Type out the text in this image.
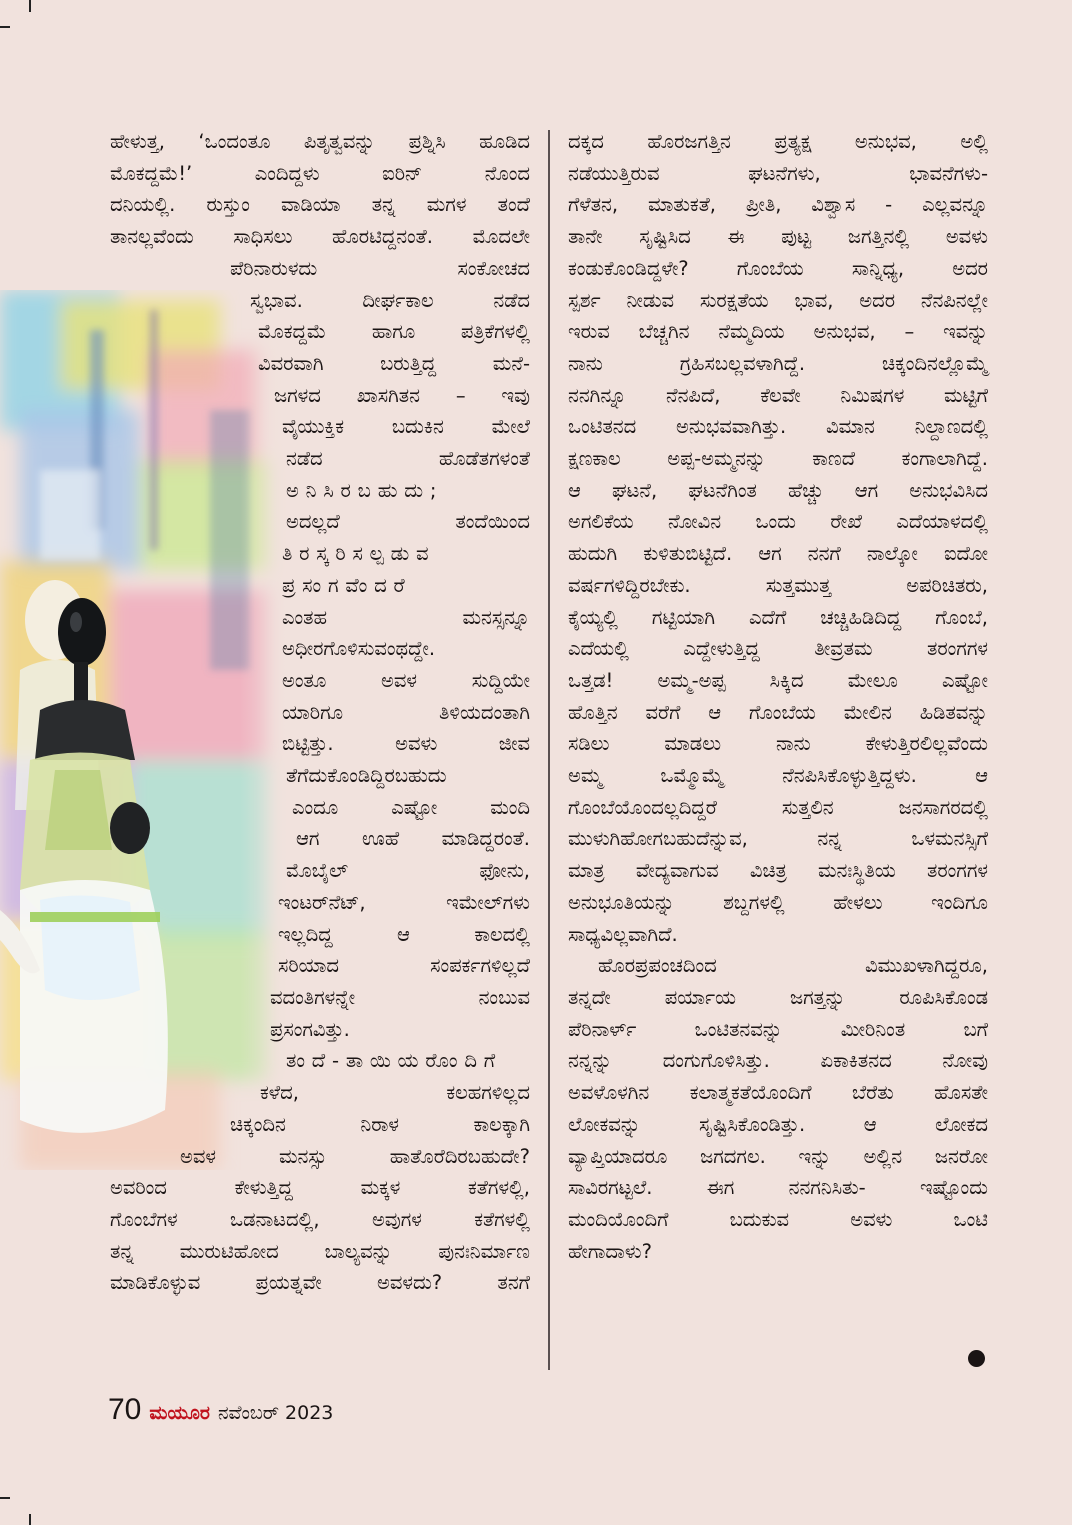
ಹೇಳುತ್ತ, ‘ಒಂದಂತೂ ಪಿತೃತ್ವವನ್ನು ಪ್ರಶ್ನಿಸಿ ಹೂಡಿದ
ಮೊಕದ್ದಮೆ!’ ಎಂದಿದ್ದಳು ಐರಿನ್ ನೊಂದ
ದನಿಯಲ್ಲಿ. ರುಸ್ತುಂ ವಾಡಿಯಾ ತನ್ನ ಮಗಳ ತಂದೆ
ತಾನಲ್ಲವೆಂದು ಸಾಧಿಸಲು ಹೊರಟಿದ್ದನಂತೆ. ಮೊದಲೇ
ಪೆರಿನಾರುಳದು ಸಂಕೋಚದ
ಸ್ವಭಾವ. ದೀರ್ಘಕಾಲ ನಡೆದ
ಮೊಕದ್ದಮೆ ಹಾಗೂ ಪತ್ರಿಕೆಗಳಲ್ಲಿ
ವಿವರವಾಗಿ ಬರುತ್ತಿದ್ದ ಮನೆ-
ಜಗಳದ ಖಾಸಗಿತನ – ಇವು
ವೈಯುಕ್ತಿಕ ಬದುಕಿನ ಮೇಲೆ
ನಡೆದ ಹೊಡೆತಗಳಂತೆ
ಅನಿಸಿರಬಹುದು;
ಅದಲ್ಲದೆ ತಂದೆಯಿಂದ
ತಿರಸ್ಕರಿಸಲ್ಪಡುವ
ಪ್ರಸಂಗವೆಂದರೆ
ಎಂತಹ ಮನಸ್ಸನ್ನೂ
ಅಧೀರಗೊಳಿಸುವಂಥದ್ದೇ.
ಅಂತೂ ಅವಳ ಸುದ್ದಿಯೇ
ಯಾರಿಗೂ ತಿಳಿಯದಂತಾಗಿ
ಬಿಟ್ಟಿತ್ತು. ಅವಳು ಜೀವ
ತೆಗೆದುಕೊಂಡಿದ್ದಿರಬಹುದು
ಎಂದೂ ಎಷ್ಟೋ ಮಂದಿ
ಆಗ ಊಹೆ ಮಾಡಿದ್ದರಂತೆ.
ಮೊಬೈಲ್ ಫೋನು,
ಇಂಟರ್‌ನೆಟ್, ಇಮೇಲ್‌ಗಳು
ಇಲ್ಲದಿದ್ದ ಆ ಕಾಲದಲ್ಲಿ
ಸರಿಯಾದ ಸಂಪರ್ಕಗಳಿಲ್ಲದೆ
ವದಂತಿಗಳನ್ನೇ ನಂಬುವ
ಪ್ರಸಂಗವಿತ್ತು.
ತಂದೆ-ತಾಯಿಯರೊಂದಿಗೆ
ಕಳೆದ, ಕಲಹಗಳಿಲ್ಲದ
ಚಿಕ್ಕಂದಿನ ನಿರಾಳ ಕಾಲಕ್ಕಾಗಿ
ಅವಳ ಮನಸ್ಸು ಹಾತೊರೆದಿರಬಹುದೇ?
ಅವರಿಂದ ಕೇಳುತ್ತಿದ್ದ ಮಕ್ಕಳ ಕತೆಗಳಲ್ಲಿ,
ಗೊಂಬೆಗಳ ಒಡನಾಟದಲ್ಲಿ, ಅವುಗಳ ಕತೆಗಳಲ್ಲಿ
ತನ್ನ ಮುರುಟಿಹೋದ ಬಾಲ್ಯವನ್ನು ಪುನಃನಿರ್ಮಾಣ
ಮಾಡಿಕೊಳ್ಳುವ ಪ್ರಯತ್ನವೇ ಅವಳದು? ತನಗೆ
ದಕ್ಕದ ಹೊರಜಗತ್ತಿನ ಪ್ರತ್ಯಕ್ಷ ಅನುಭವ, ಅಲ್ಲಿ
ನಡೆಯುತ್ತಿರುವ ಘಟನೆಗಳು, ಭಾವನೆಗಳು-
ಗೆಳೆತನ, ಮಾತುಕತೆ, ಪ್ರೀತಿ, ವಿಶ್ವಾಸ - ಎಲ್ಲವನ್ನೂ
ತಾನೇ ಸೃಷ್ಟಿಸಿದ ಈ ಪುಟ್ಟ ಜಗತ್ತಿನಲ್ಲಿ ಅವಳು
ಕಂಡುಕೊಂಡಿದ್ದಳೇ? ಗೊಂಬೆಯ ಸಾನ್ನಿಧ್ಯ, ಅದರ
ಸ್ಪರ್ಶ ನೀಡುವ ಸುರಕ್ಷತೆಯ ಭಾವ, ಅದರ ನೆನಪಿನಲ್ಲೇ
ಇರುವ ಬೆಚ್ಚಗಿನ ನೆಮ್ಮದಿಯ ಅನುಭವ, – ಇವನ್ನು
ನಾನು ಗ್ರಹಿಸಬಲ್ಲವಳಾಗಿದ್ದೆ. ಚಿಕ್ಕಂದಿನಲ್ಲೊಮ್ಮೆ
ನನಗಿನ್ನೂ ನೆನಪಿದೆ, ಕೆಲವೇ ನಿಮಿಷಗಳ ಮಟ್ಟಿಗೆ
ಒಂಟಿತನದ ಅನುಭವವಾಗಿತ್ತು. ವಿಮಾನ ನಿಲ್ದಾಣದಲ್ಲಿ
ಕ್ಷಣಕಾಲ ಅಪ್ಪ-ಅಮ್ಮನನ್ನು ಕಾಣದೆ ಕಂಗಾಲಾಗಿದ್ದೆ.
ಆ ಘಟನೆ, ಘಟನೆಗಿಂತ ಹೆಚ್ಚು ಆಗ ಅನುಭವಿಸಿದ
ಅಗಲಿಕೆಯ ನೋವಿನ ಒಂದು ರೇಖೆ ಎದೆಯಾಳದಲ್ಲಿ
ಹುದುಗಿ ಕುಳಿತುಬಿಟ್ಟಿದೆ. ಆಗ ನನಗೆ ನಾಲ್ಕೋ ಐದೋ
ವರ್ಷಗಳಿದ್ದಿರಬೇಕು. ಸುತ್ತಮುತ್ತ ಅಪರಿಚಿತರು,
ಕೈಯ್ಯಲ್ಲಿ ಗಟ್ಟಿಯಾಗಿ ಎದೆಗೆ ಚಚ್ಚಿಹಿಡಿದಿದ್ದ ಗೊಂಬೆ,
ಎದೆಯಲ್ಲಿ ಎದ್ದೇಳುತ್ತಿದ್ದ ತೀವ್ರತಮ ತರಂಗಗಳ
ಒತ್ತಡ! ಅಮ್ಮ-ಅಪ್ಪ ಸಿಕ್ಕಿದ ಮೇಲೂ ಎಷ್ಟೋ
ಹೊತ್ತಿನ ವರೆಗೆ ಆ ಗೊಂಬೆಯ ಮೇಲಿನ ಹಿಡಿತವನ್ನು
ಸಡಿಲು ಮಾಡಲು ನಾನು ಕೇಳುತ್ತಿರಲಿಲ್ಲವೆಂದು
ಅಮ್ಮ ಒಮ್ಮೊಮ್ಮೆ ನೆನಪಿಸಿಕೊಳ್ಳುತ್ತಿದ್ದಳು. ಆ
ಗೊಂಬೆಯೊಂದಲ್ಲದಿದ್ದರೆ ಸುತ್ತಲಿನ ಜನಸಾಗರದಲ್ಲಿ
ಮುಳುಗಿಹೋಗಬಹುದೆನ್ನುವ, ನನ್ನ ಒಳಮನಸ್ಸಿಗೆ
ಮಾತ್ರ ವೇದ್ಯವಾಗುವ ವಿಚಿತ್ರ ಮನಃಸ್ಥಿತಿಯ ತರಂಗಗಳ
ಅನುಭೂತಿಯನ್ನು ಶಬ್ದಗಳಲ್ಲಿ ಹೇಳಲು ಇಂದಿಗೂ
ಸಾಧ್ಯವಿಲ್ಲವಾಗಿದೆ.
ಹೊರಪ್ರಪಂಚದಿಂದ ವಿಮುಖಳಾಗಿದ್ದರೂ,
ತನ್ನದೇ ಪರ್ಯಾಯ ಜಗತ್ತನ್ನು ರೂಪಿಸಿಕೊಂಡ
ಪೆರಿನಾರ್ಳ್ ಒಂಟಿತನವನ್ನು ಮೀರಿನಿಂತ ಬಗೆ
ನನ್ನನ್ನು ದಂಗುಗೊಳಿಸಿತ್ತು. ಏಕಾಕಿತನದ ನೋವು
ಅವಳೊಳಗಿನ ಕಲಾತ್ಮಕತೆಯೊಂದಿಗೆ ಬೆರೆತು ಹೊಸತೇ
ಲೋಕವನ್ನು ಸೃಷ್ಟಿಸಿಕೊಂಡಿತ್ತು. ಆ ಲೋಕದ
ವ್ಯಾಪ್ತಿಯಾದರೂ ಜಗದಗಲ. ಇನ್ನು ಅಲ್ಲಿನ ಜನರೋ
ಸಾವಿರಗಟ್ಟಲೆ. ಈಗ ನನಗನಿಸಿತು- ಇಷ್ಟೊಂದು
ಮಂದಿಯೊಂದಿಗೆ ಬದುಕುವ ಅವಳು ಒಂಟಿ
ಹೇಗಾದಾಳು?
70 ಮಯೂರ ನವೆಂಬರ್ 2023
